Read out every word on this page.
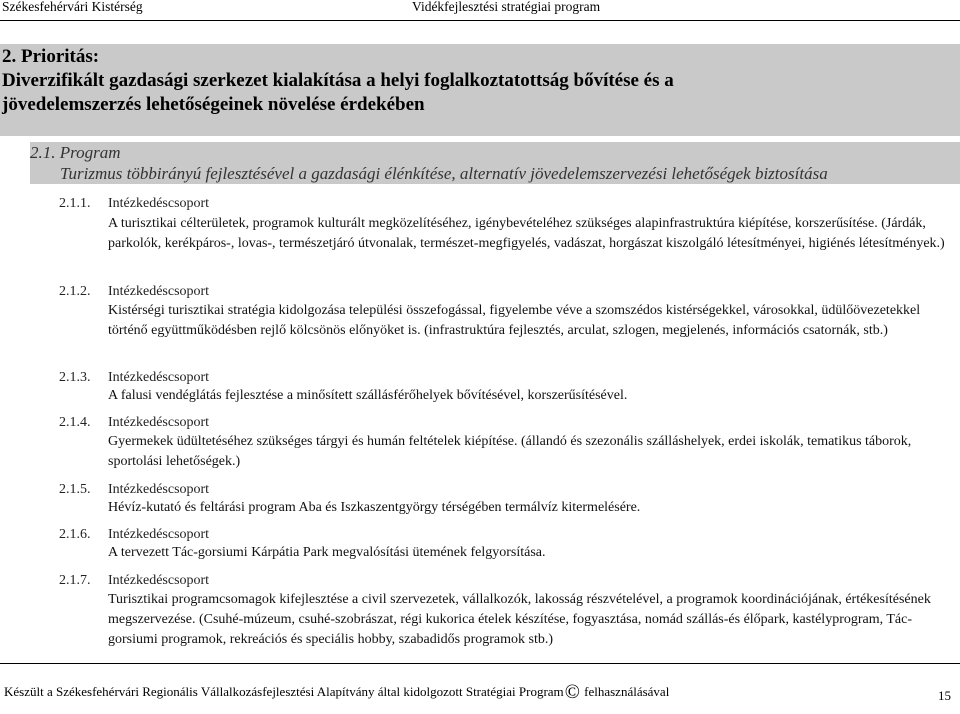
Székesfehérvári Kistérség	Vidékfejlesztési stratégiai program
2. Prioritás:
Diverzifikált gazdasági szerkezet kialakítása a helyi foglalkoztatottság bővítése és a
jövedelemszerzés lehetőségeinek növelése érdekében
2.1. Program
Turizmus többirányú fejlesztésével a gazdasági élénkítése, alternatív jövedelemszervezési lehetőségek biztosítása
2.1.1. Intézkedéscsoport
A turisztikai célterületek, programok kulturált megközelítéséhez, igénybevételéhez szükséges alapinfrastruktúra kiépítése, korszerűsítése. (Járdák, parkolók, kerékpáros-, lovas-, természetjáró útvonalak, természet-megfigyelés, vadászat, horgászat kiszolgáló létesítményei, higiénés létesítmények.)
2.1.2. Intézkedéscsoport
Kistérségi turisztikai stratégia kidolgozása települési összefogással, figyelembe véve a szomszédos kistérségekkel, városokkal, üdülőövezetekkel történő együttműködésben rejlő kölcsönös előnyöket is. (infrastruktúra fejlesztés, arculat, szlogen, megjelenés, információs csatornák, stb.)
2.1.3. Intézkedéscsoport
A falusi vendéglátás fejlesztése a minősített szállásférőhelyek bővítésével, korszerűsítésével.
2.1.4. Intézkedéscsoport
Gyermekek üdültetéséhez szükséges tárgyi és humán feltételek kiépítése. (állandó és szezonális szálláshelyek, erdei iskolák, tematikus táborok, sportolási lehetőségek.)
2.1.5. Intézkedéscsoport
Hévíz-kutató és feltárási program Aba és Iszkaszentgyörgy térségében termálvíz kitermelésére.
2.1.6. Intézkedéscsoport
A tervezett Tác-gorsiumi Kárpátia Park megvalósítási ütemének felgyorsítása.
2.1.7. Intézkedéscsoport
Turisztikai programcsomagok kifejlesztése a civil szervezetek, vállalkozók, lakosság részvételével, a programok koordinációjának, értékesítésének megszervezése. (Csuhé-múzeum, csuhé-szobrászat, régi kukorica ételek készítése, fogyasztása, nomád szállás-és élőpark, kastélyprogram, Tác-gorsiumi programok, rekreációs és speciális hobby, szabadidős programok stb.)
Készült a Székesfehérvári Regionális Vállalkozásfejlesztési Alapítvány által kidolgozott Stratégiai Program© felhasználásával	15
